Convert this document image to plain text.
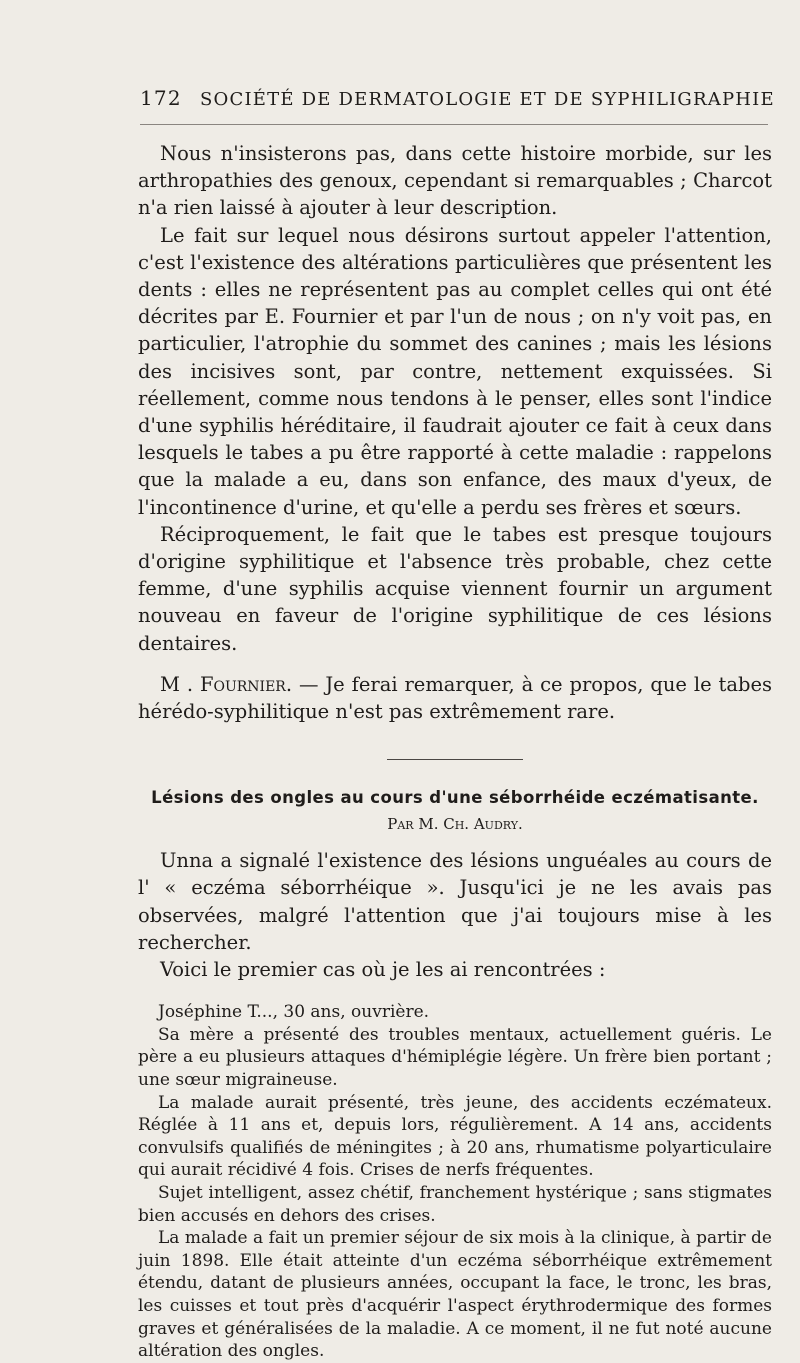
172 SOCIÉTÉ DE DERMATOLOGIE ET DE SYPHILIGRAPHIE

Nous n'insisterons pas, dans cette histoire morbide, sur les arthropathies des genoux, cependant si remarquables ; Charcot n'a rien laissé à ajouter à leur description.

Le fait sur lequel nous désirons surtout appeler l'attention, c'est l'existence des altérations particulières que présentent les dents : elles ne représentent pas au complet celles qui ont été décrites par E. Fournier et par l'un de nous ; on n'y voit pas, en particulier, l'atrophie du sommet des canines ; mais les lésions des incisives sont, par contre, nettement exquissées. Si réellement, comme nous tendons à le penser, elles sont l'indice d'une syphilis héréditaire, il faudrait ajouter ce fait à ceux dans lesquels le tabes a pu être rapporté à cette maladie : rappelons que la malade a eu, dans son enfance, des maux d'yeux, de l'incontinence d'urine, et qu'elle a perdu ses frères et sœurs.

Réciproquement, le fait que le tabes est presque toujours d'origine syphilitique et l'absence très probable, chez cette femme, d'une syphilis acquise viennent fournir un argument nouveau en faveur de l'origine syphilitique de ces lésions dentaires.

M . Fournier. — Je ferai remarquer, à ce propos, que le tabes hérédo-syphilitique n'est pas extrêmement rare.

Lésions des ongles au cours d'une séborrhéide eczématisante.
Par M. Ch. Audry.

Unna a signalé l'existence des lésions unguéales au cours de l' « eczéma séborrhéique ». Jusqu'ici je ne les avais pas observées, malgré l'attention que j'ai toujours mise à les rechercher.

Voici le premier cas où je les ai rencontrées :

Joséphine T..., 30 ans, ouvrière.

Sa mère a présenté des troubles mentaux, actuellement guéris. Le père a eu plusieurs attaques d'hémiplégie légère. Un frère bien portant ; une sœur migraineuse.

La malade aurait présenté, très jeune, des accidents eczémateux. Réglée à 11 ans et, depuis lors, régulièrement. A 14 ans, accidents convulsifs qualifiés de méningites ; à 20 ans, rhumatisme polyarticulaire qui aurait récidivé 4 fois. Crises de nerfs fréquentes.

Sujet intelligent, assez chétif, franchement hystérique ; sans stigmates bien accusés en dehors des crises.

La malade a fait un premier séjour de six mois à la clinique, à partir de juin 1898. Elle était atteinte d'un eczéma séborrhéique extrêmement étendu, datant de plusieurs années, occupant la face, le tronc, les bras, les cuisses et tout près d'acquérir l'aspect érythrodermique des formes graves et généralisées de la maladie. A ce moment, il ne fut noté aucune altération des ongles.
